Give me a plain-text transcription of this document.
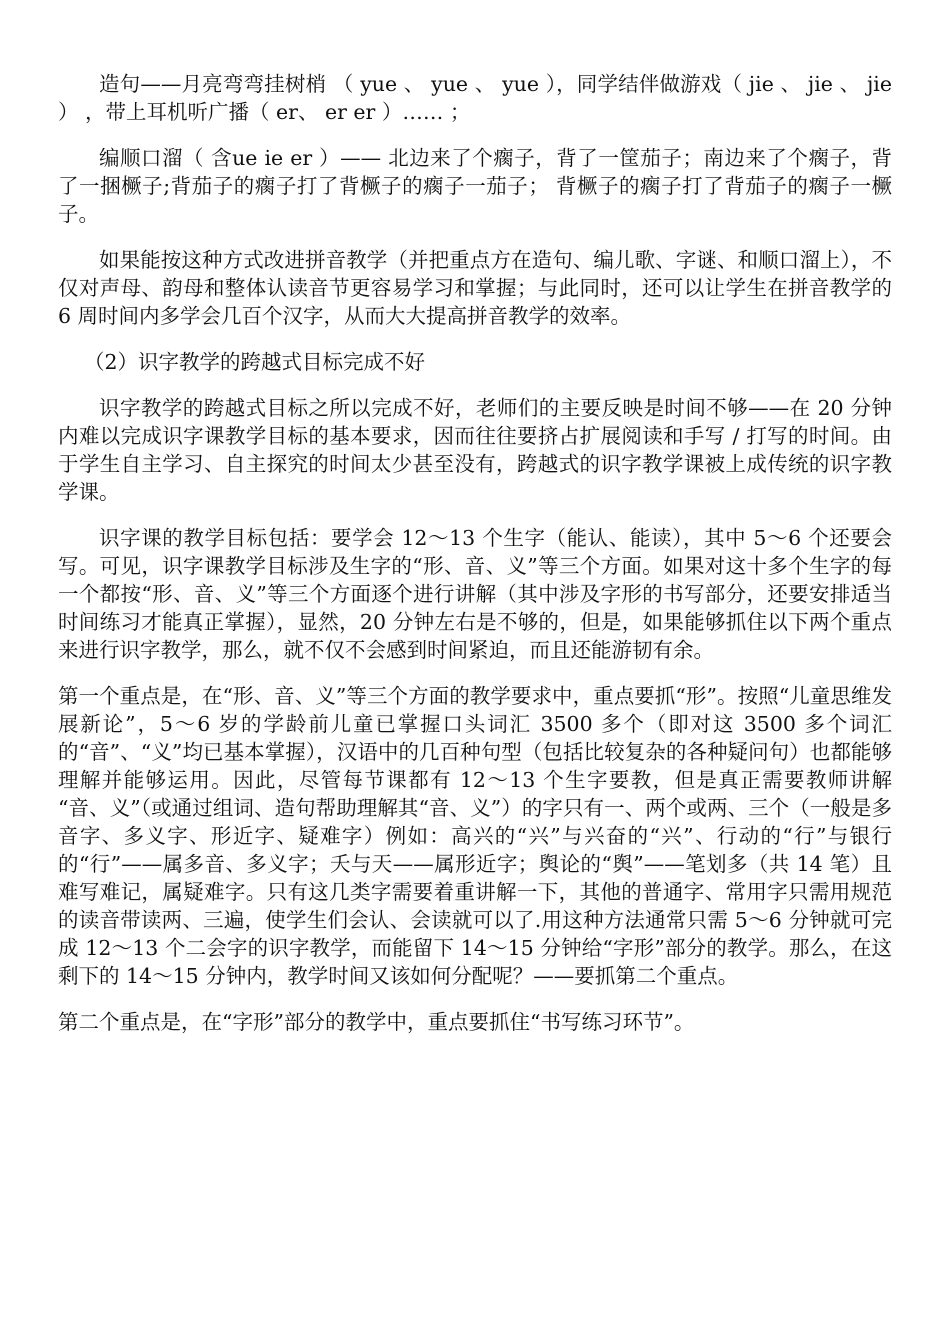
造句——月亮弯弯挂树梢 （ yue 、 yue 、 yue ），同学结伴做游戏（ jie 、 jie 、 jie ） ，带上耳机听广播（ er、 er er ）…… ；

编顺口溜（ 含ue ie er ）—— 北边来了个瘸子，背了一筐茄子；南边来了个瘸子，背了一捆橛子;背茄子的瘸子打了背橛子的瘸子一茄子； 背橛子的瘸子打了背茄子的瘸子一橛子。

如果能按这种方式改进拼音教学（并把重点方在造句、编儿歌、字谜、和顺口溜上），不仅对声母、韵母和整体认读音节更容易学习和掌握；与此同时，还可以让学生在拼音教学的 6 周时间内多学会几百个汉字，从而大大提高拼音教学的效率。

（2）识字教学的跨越式目标完成不好

识字教学的跨越式目标之所以完成不好，老师们的主要反映是时间不够——在 20 分钟内难以完成识字课教学目标的基本要求，因而往往要挤占扩展阅读和手写 / 打写的时间。由于学生自主学习、自主探究的时间太少甚至没有，跨越式的识字教学课被上成传统的识字教学课。

识字课的教学目标包括：要学会 12～13 个生字（能认、能读），其中 5～6 个还要会写。可见，识字课教学目标涉及生字的“形、音、义”等三个方面。如果对这十多个生字的每一个都按“形、音、义”等三个方面逐个进行讲解（其中涉及字形的书写部分，还要安排适当时间练习才能真正掌握），显然，20 分钟左右是不够的，但是，如果能够抓住以下两个重点来进行识字教学，那么，就不仅不会感到时间紧迫，而且还能游韧有余。

第一个重点是，在“形、音、义”等三个方面的教学要求中，重点要抓“形”。按照“儿童思维发展新论”，5～6 岁的学龄前儿童已掌握口头词汇 3500 多个（即对这 3500 多个词汇的“音”、“义”均已基本掌握），汉语中的几百种句型（包括比较复杂的各种疑问句）也都能够理解并能够运用。因此，尽管每节课都有 12～13 个生字要教，但是真正需要教师讲解 “音、义”（或通过组词、造句帮助理解其“音、义”）的字只有一、两个或两、三个（一般是多音字、多义字、形近字、疑难字）例如：高兴的“兴”与兴奋的“兴”、行动的“行”与银行的“行”——属多音、多义字；夭与天——属形近字；舆论的“舆”——笔划多（共 14 笔）且难写难记，属疑难字。只有这几类字需要着重讲解一下，其他的普通字、常用字只需用规范的读音带读两、三遍，使学生们会认、会读就可以了.用这种方法通常只需 5～6 分钟就可完成 12～13 个二会字的识字教学，而能留下 14～15 分钟给“字形”部分的教学。那么，在这剩下的 14～15 分钟内，教学时间又该如何分配呢？——要抓第二个重点。

第二个重点是，在“字形”部分的教学中，重点要抓住“书写练习环节”。
